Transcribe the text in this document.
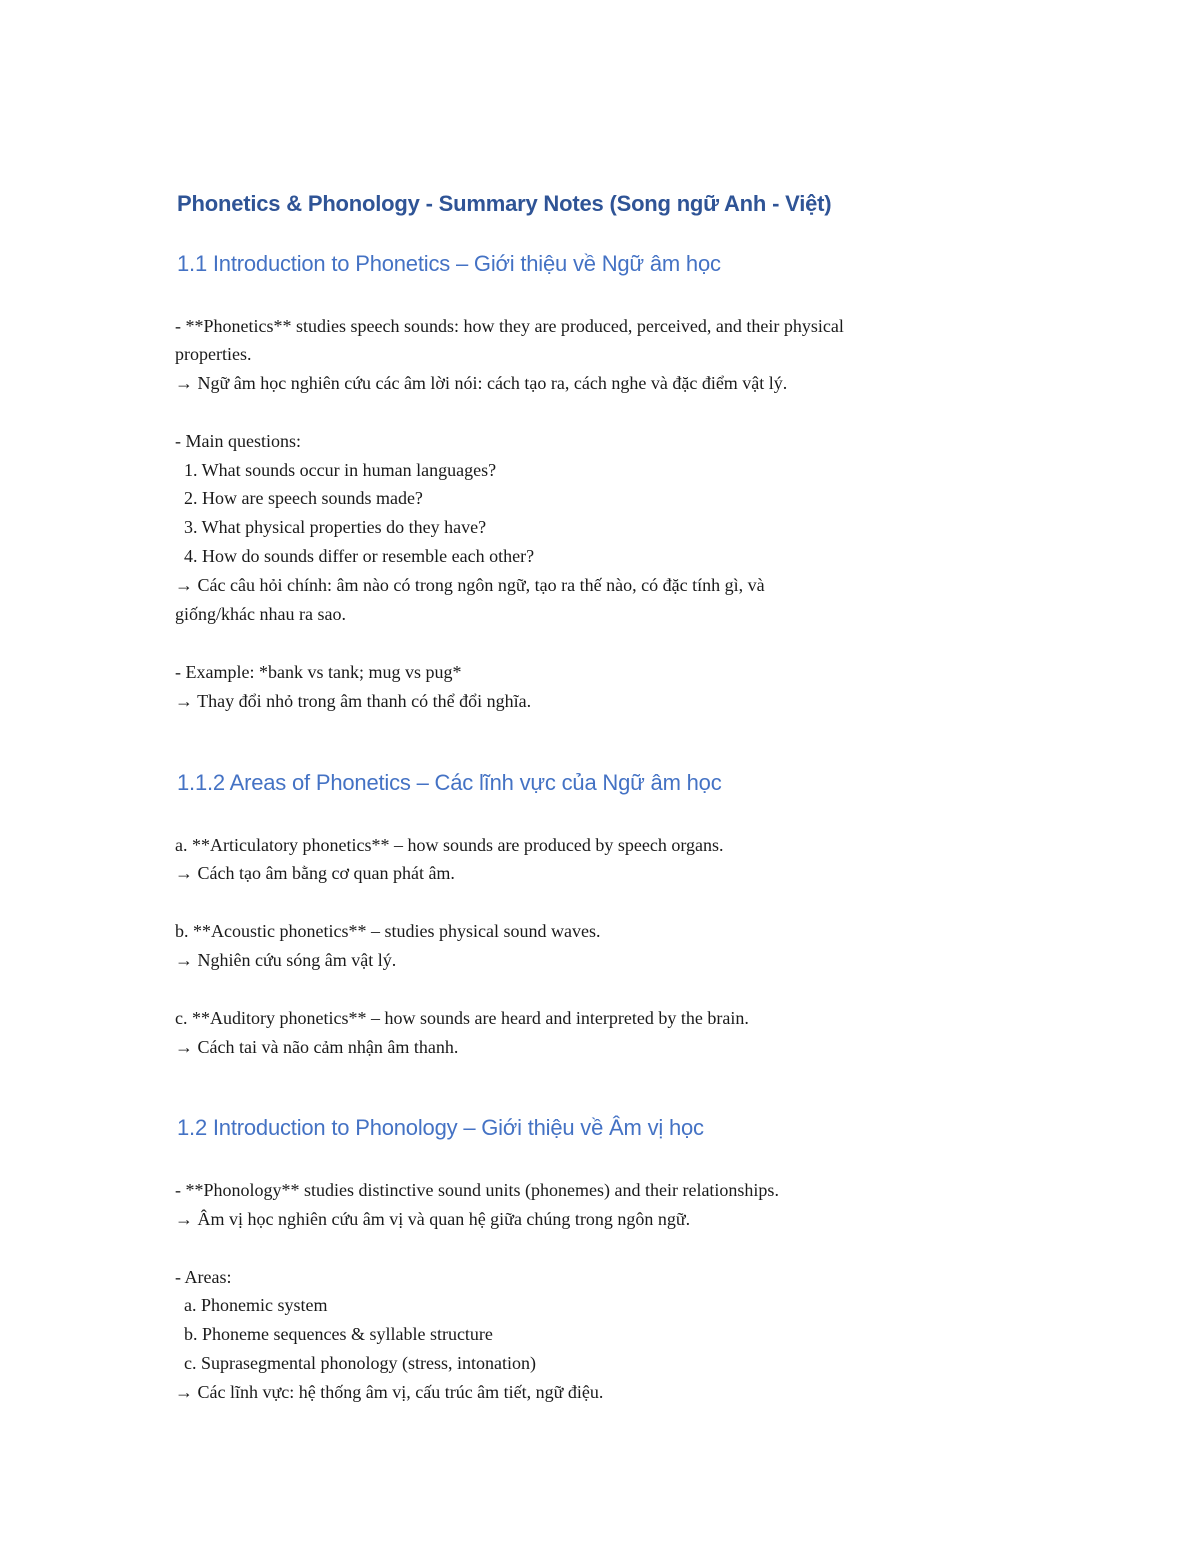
Phonetics & Phonology - Summary Notes (Song ngữ Anh - Việt)
1.1 Introduction to Phonetics – Giới thiệu về Ngữ âm học

- **Phonetics** studies speech sounds: how they are produced, perceived, and their physical

properties.

→ Ngữ âm học nghiên cứu các âm lời nói: cách tạo ra, cách nghe và đặc điểm vật lý.

- Main questions:

1. What sounds occur in human languages?

2. How are speech sounds made?

3. What physical properties do they have?

4. How do sounds differ or resemble each other?

→ Các câu hỏi chính: âm nào có trong ngôn ngữ, tạo ra thế nào, có đặc tính gì, và

giống/khác nhau ra sao.

- Example: *bank vs tank; mug vs pug*

→ Thay đổi nhỏ trong âm thanh có thể đổi nghĩa.

1.1.2 Areas of Phonetics – Các lĩnh vực của Ngữ âm học

a. **Articulatory phonetics** – how sounds are produced by speech organs.

→ Cách tạo âm bằng cơ quan phát âm.

b. **Acoustic phonetics** – studies physical sound waves.

→ Nghiên cứu sóng âm vật lý.

c. **Auditory phonetics** – how sounds are heard and interpreted by the brain.

→ Cách tai và não cảm nhận âm thanh.

1.2 Introduction to Phonology – Giới thiệu về Âm vị học

- **Phonology** studies distinctive sound units (phonemes) and their relationships.

→ Âm vị học nghiên cứu âm vị và quan hệ giữa chúng trong ngôn ngữ.

- Areas:

a. Phonemic system

b. Phoneme sequences & syllable structure

c. Suprasegmental phonology (stress, intonation)

→ Các lĩnh vực: hệ thống âm vị, cấu trúc âm tiết, ngữ điệu.
